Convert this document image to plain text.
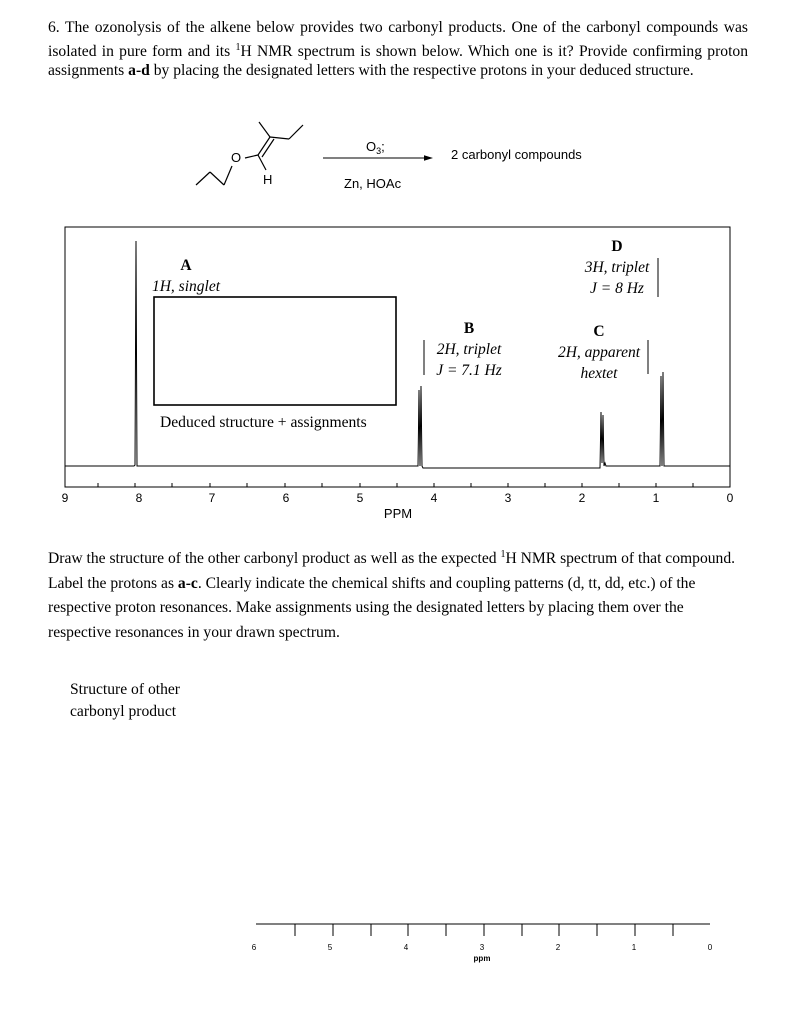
6. The ozonolysis of the alkene below provides two carbonyl products. One of the carbonyl compounds was isolated in pure form and its $^1$H NMR spectrum is shown below. Which one is it? Provide confirming proton assignments a-d by placing the designated letters with the respective protons in your deduced structure.
O
H
$O_3$;
Zn, HOAc
2 carbonyl compounds
9	8	7	6	5	4	3	2	1	0
PPM
A
1H, singlet
B
2H, triplet
J = 7.1 Hz
C
2H, apparent
hextet
D
3H, triplet
J = 8 Hz
Deduced structure + assignments
Draw the structure of the other carbonyl product as well as the expected $^1$H NMR spectrum of that compound. Label the protons as a-c. Clearly indicate the chemical shifts and coupling patterns (d, tt, dd, etc.) of the respective proton resonances. Make assignments using the designated letters by placing them over the respective resonances in your drawn spectrum.
Structure of other
carbonyl product
6	5	4	3	2	1	0
ppm
